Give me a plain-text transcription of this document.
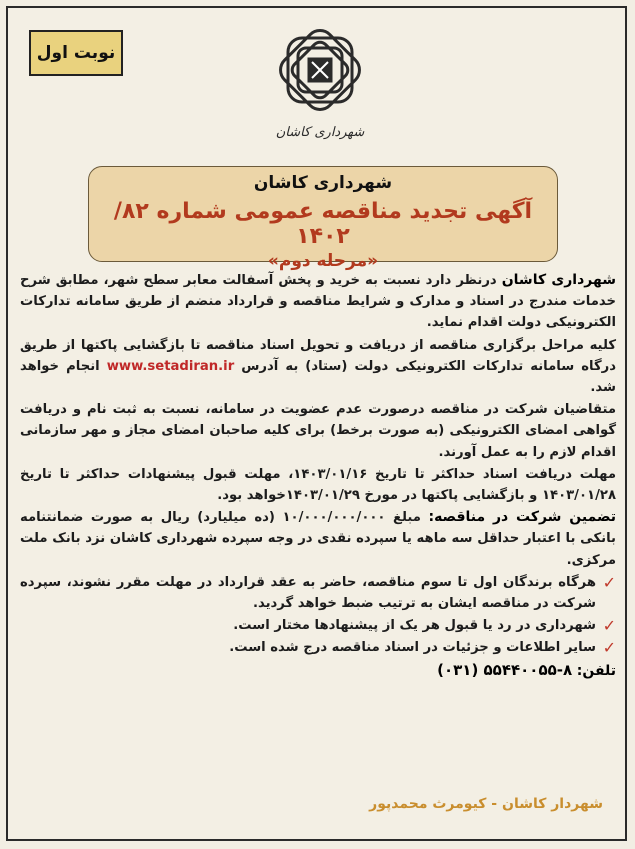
نوبت اول
شهرداری کاشان
شهرداری کاشان
آگهی تجدید مناقصه عمومی شماره ۸۲/ ۱۴۰۲
«مرحله دوم»

شهرداری کاشان درنظر دارد نسبت به خرید و پخش آسفالت معابر سطح شهر، مطابق شرح خدمات مندرج در اسناد و مدارک و شرایط مناقصه و قرارداد منضم از طریق سامانه تدارکات الکترونیکی دولت اقدام نماید.

کلیه مراحل برگزاری مناقصه از دریافت و تحویل اسناد مناقصه تا بازگشایی پاکتها از طریق درگاه سامانه تدارکات الکترونیکی دولت (ستاد) به آدرس www.setadiran.ir انجام خواهد شد.

متقاضیان شرکت در مناقصه درصورت عدم عضویت در سامانه، نسبت به ثبت نام و دریافت گواهی امضای الکترونیکی (به صورت برخط) برای کلیه صاحبان امضای مجاز و مهر سازمانی اقدام لازم را به عمل آورند.

مهلت دریافت اسناد حداکثر تا تاریخ ۱۴۰۳/۰۱/۱۶، مهلت قبول پیشنهادات حداکثر تا تاریخ ۱۴۰۳/۰۱/۲۸ و بازگشایی پاکتها در مورخ ۱۴۰۳/۰۱/۲۹خواهد بود.

تضمین شرکت در مناقصه: مبلغ ۱۰/۰۰۰/۰۰۰/۰۰۰ (ده میلیارد) ریال به صورت ضمانتنامه بانکی با اعتبار حداقل سه ماهه یا سپرده نقدی در وجه سپرده شهرداری کاشان نزد بانک ملت مرکزی.

✓
هرگاه برندگان اول تا سوم مناقصه، حاضر به عقد قرارداد در مهلت مقرر نشوند، سپرده شرکت در مناقصه ایشان به ترتیب ضبط خواهد گردید.

✓
شهرداری در رد یا قبول هر یک از پیشنهادها مختار است.

✓
سایر اطلاعات و جزئیات در اسناد مناقصه درج شده است.

تلفن: (۰۳۱) ۵۵۴۴۰۰۵۵-۸

شهردار کاشان - کیومرث محمدپور
